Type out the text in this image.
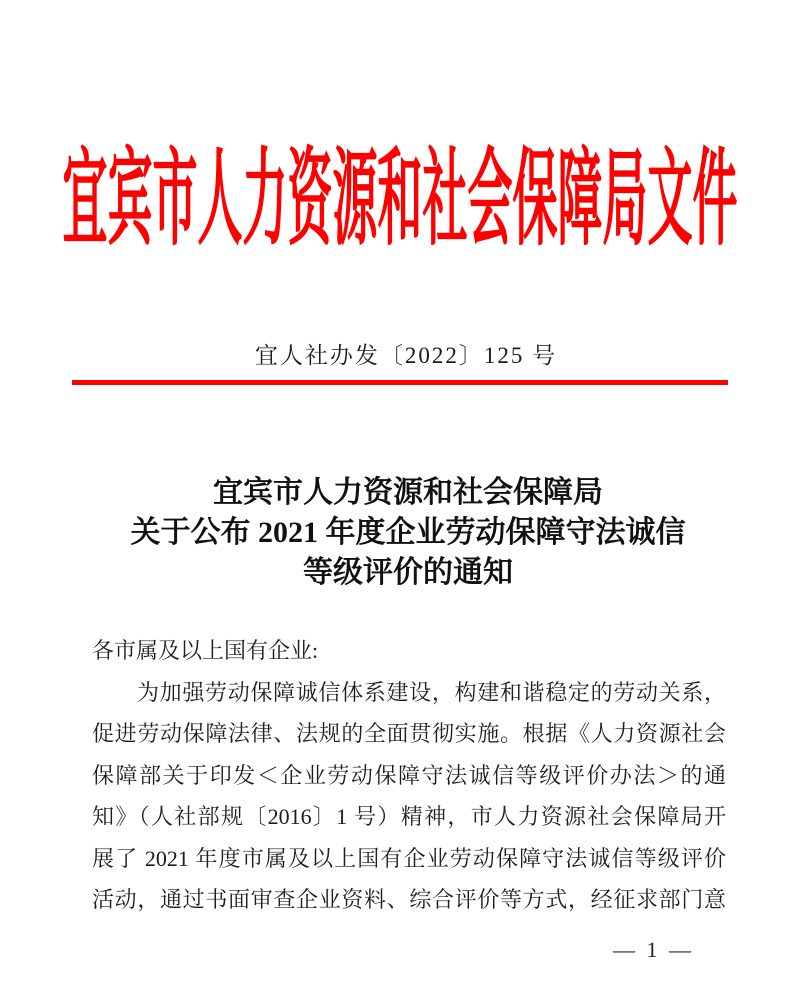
宜宾市人力资源和社会保障局文件
宜人社办发〔2022〕125 号
宜宾市人力资源和社会保障局
关于公布 2021 年度企业劳动保障守法诚信
等级评价的通知
各市属及以上国有企业:
为加强劳动保障诚信体系建设，构建和谐稳定的劳动关系，
促进劳动保障法律、法规的全面贯彻实施。根据《人力资源社会
保障部关于印发＜企业劳动保障守法诚信等级评价办法＞的通
知》（人社部规〔2016〕1 号）精神，市人力资源社会保障局开
展了 2021 年度市属及以上国有企业劳动保障守法诚信等级评价
活动，通过书面审查企业资料、综合评价等方式，经征求部门意
— 1 —
